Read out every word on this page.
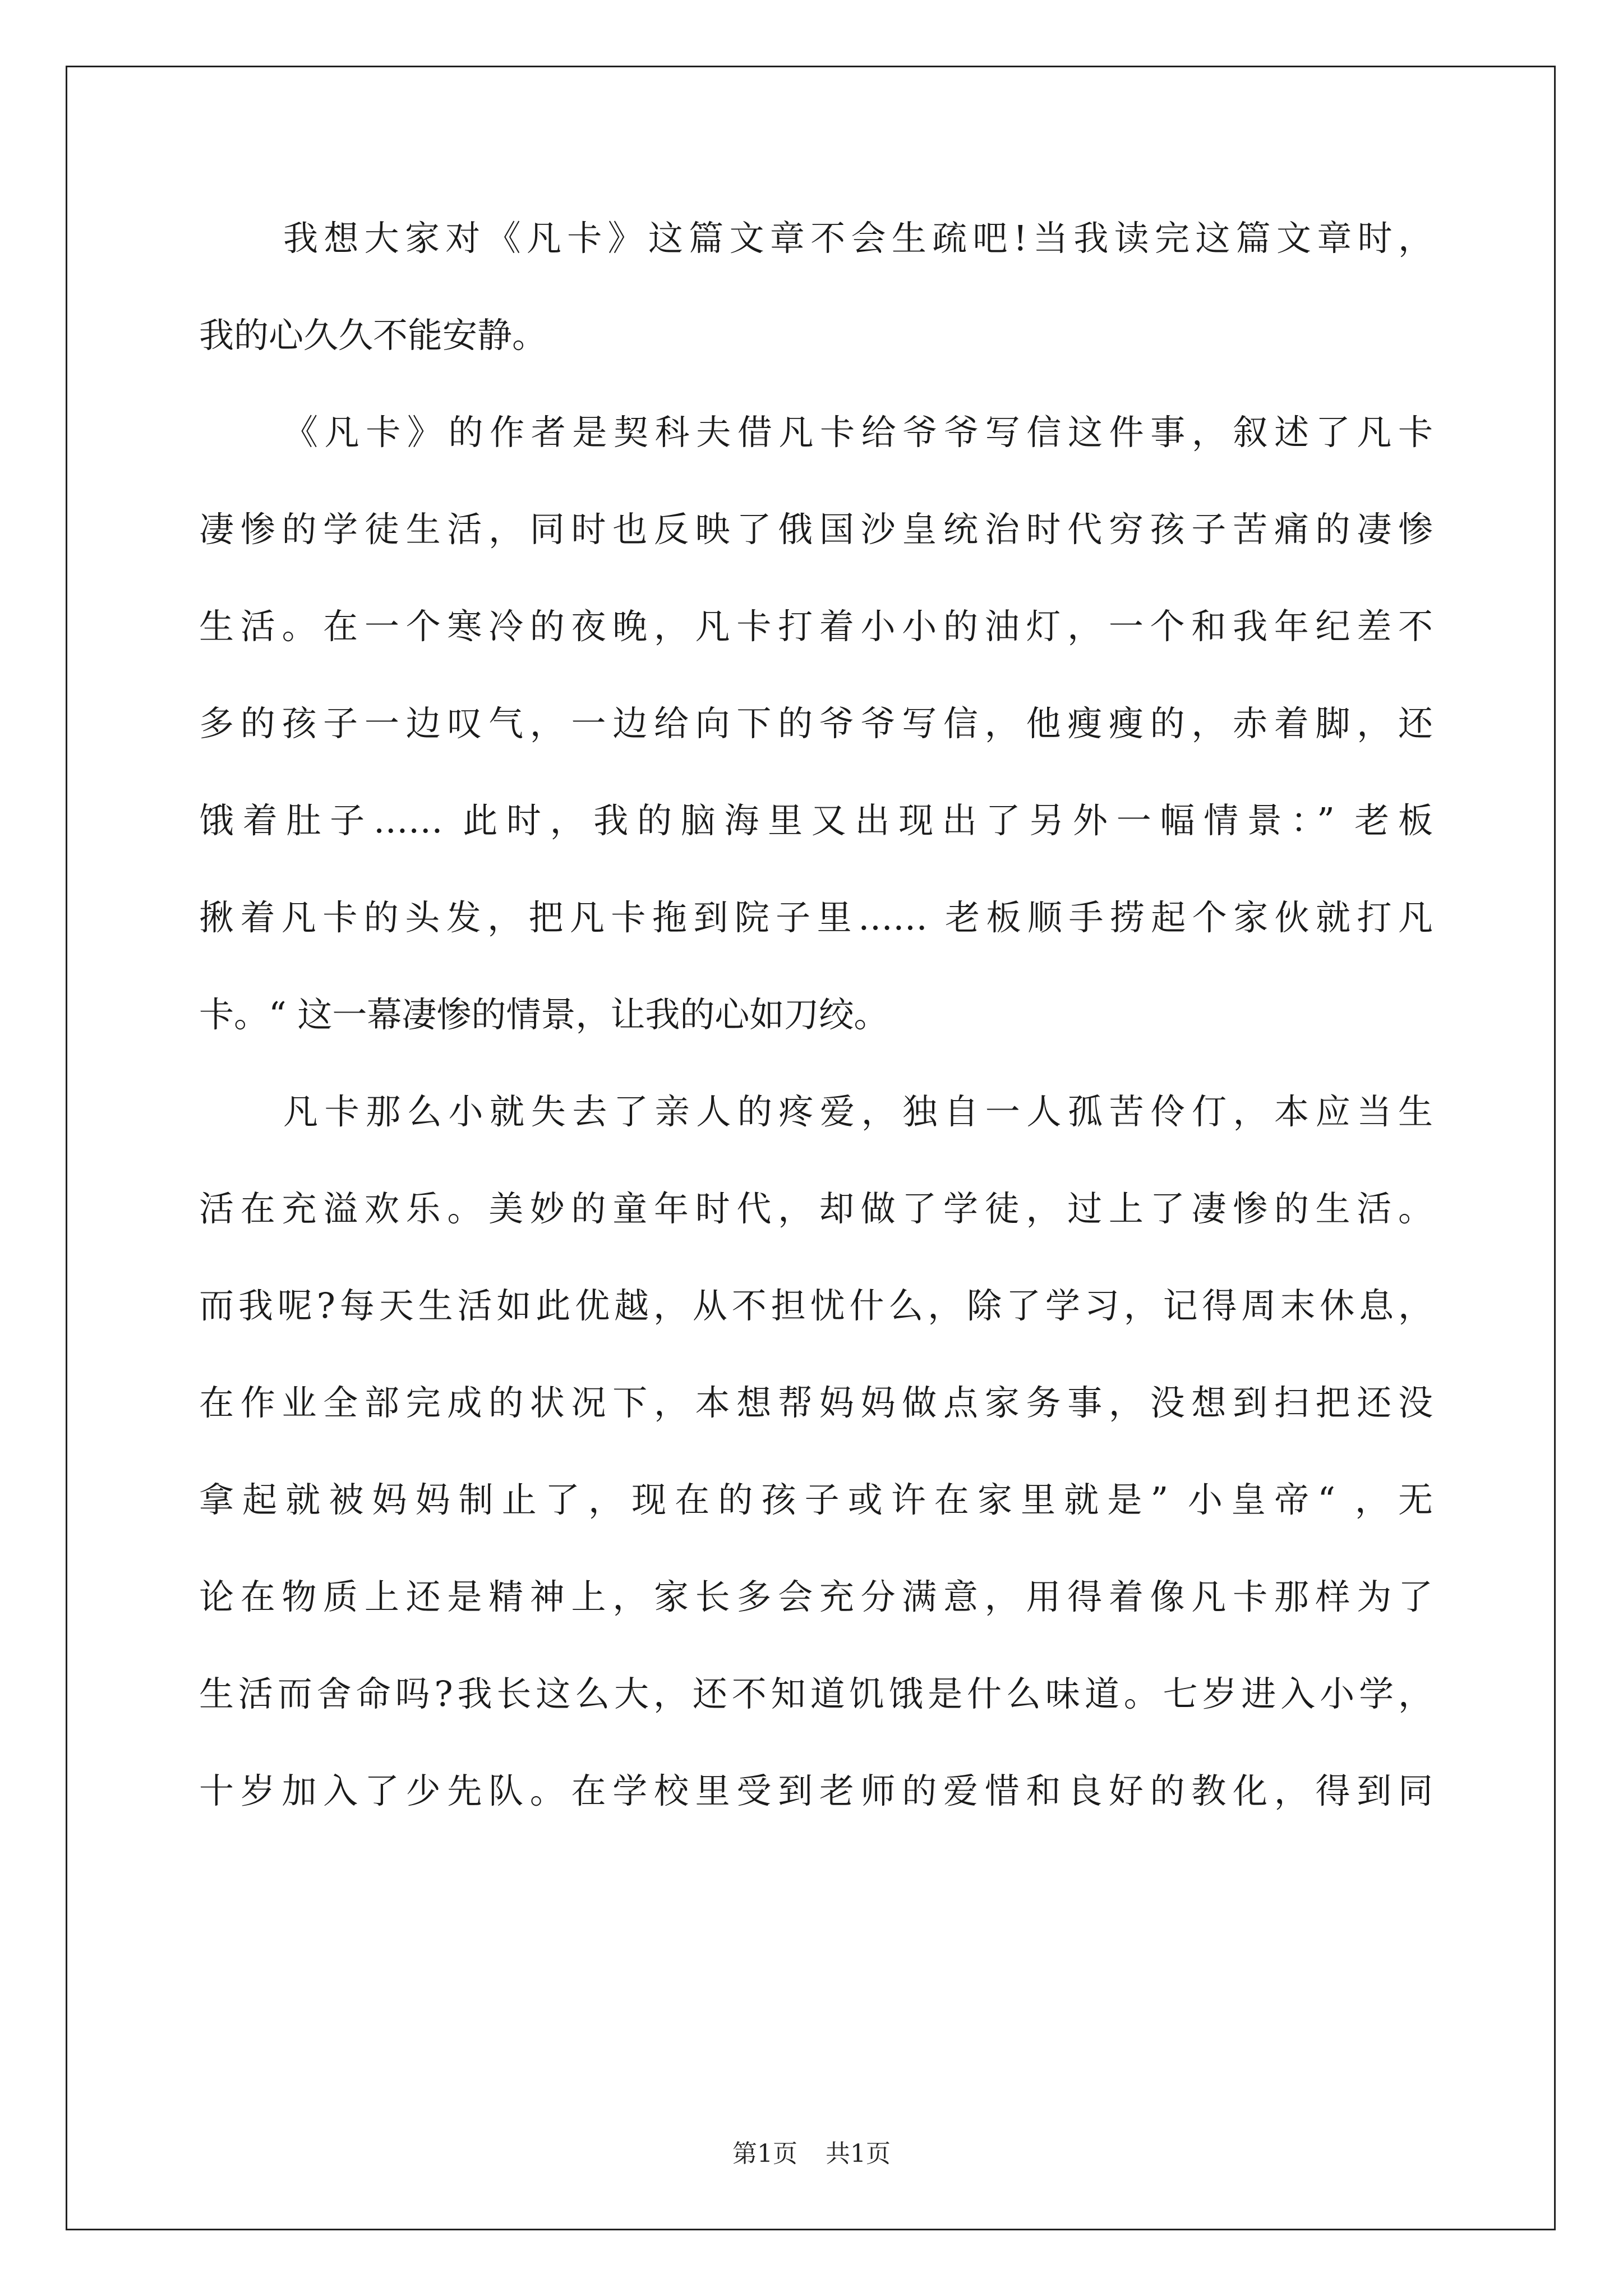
我想大家对《凡卡》这篇文章不会生疏吧!当我读完这篇文章时，
我的心久久不能安静。
《凡卡》的作者是契科夫借凡卡给爷爷写信这件事，叙述了凡卡
凄惨的学徒生活，同时也反映了俄国沙皇统治时代穷孩子苦痛的凄惨
生活。在一个寒冷的夜晚，凡卡打着小小的油灯，一个和我年纪差不
多的孩子一边叹气，一边给向下的爷爷写信，他瘦瘦的，赤着脚，还
饿着肚子…… 此时，我的脑海里又出现出了另外一幅情景：” 老板
揪着凡卡的头发，把凡卡拖到院子里…… 老板顺手捞起个家伙就打凡
卡。“ 这一幕凄惨的情景，让我的心如刀绞。
凡卡那么小就失去了亲人的疼爱，独自一人孤苦伶仃，本应当生
活在充溢欢乐。美妙的童年时代，却做了学徒，过上了凄惨的生活。
而我呢?每天生活如此优越，从不担忧什么，除了学习，记得周末休息，
在作业全部完成的状况下，本想帮妈妈做点家务事，没想到扫把还没
拿起就被妈妈制止了，现在的孩子或许在家里就是” 小皇帝“ ，无
论在物质上还是精神上，家长多会充分满意，用得着像凡卡那样为了
生活而舍命吗?我长这么大，还不知道饥饿是什么味道。七岁进入小学，
十岁加入了少先队。在学校里受到老师的爱惜和良好的教化，得到同
第1页 共1页
